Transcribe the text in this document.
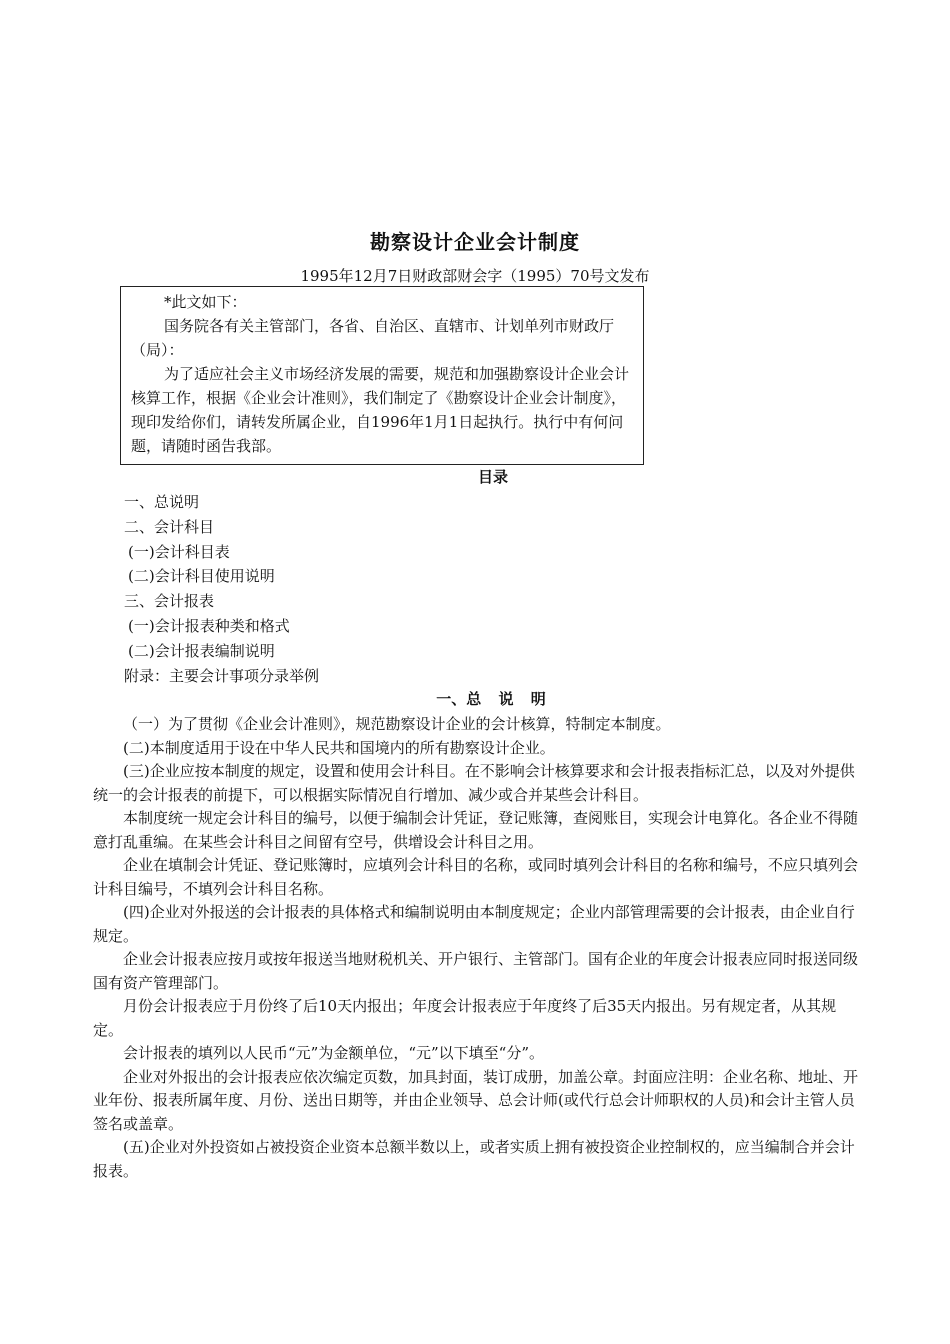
勘察设计企业会计制度
1995年12月7日财政部财会字（1995）70号文发布

*此文如下：

国务院各有关主管部门，各省、自治区、直辖市、计划单列市财政厅（局）：

为了适应社会主义市场经济发展的需要，规范和加强勘察设计企业会计核算工作，根据《企业会计准则》，我们制定了《勘察设计企业会计制度》，现印发给你们，请转发所属企业，自1996年1月1日起执行。执行中有何问题，请随时函告我部。

目录
一、总说明
二、会计科目
(一)会计科目表
(二)会计科目使用说明
三、会计报表
(一)会计报表种类和格式
(二)会计报表编制说明
附录：主要会计事项分录举例
一、总 说 明

（一）为了贯彻《企业会计准则》，规范勘察设计企业的会计核算，特制定本制度。

(二)本制度适用于设在中华人民共和国境内的所有勘察设计企业。

(三)企业应按本制度的规定，设置和使用会计科目。在不影响会计核算要求和会计报表指标汇总，以及对外提供统一的会计报表的前提下，可以根据实际情况自行增加、减少或合并某些会计科目。

本制度统一规定会计科目的编号，以便于编制会计凭证，登记账簿，查阅账目，实现会计电算化。各企业不得随意打乱重编。在某些会计科目之间留有空号，供增设会计科目之用。

企业在填制会计凭证、登记账簿时，应填列会计科目的名称，或同时填列会计科目的名称和编号，不应只填列会计科目编号，不填列会计科目名称。

(四)企业对外报送的会计报表的具体格式和编制说明由本制度规定；企业内部管理需要的会计报表，由企业自行规定。

企业会计报表应按月或按年报送当地财税机关、开户银行、主管部门。国有企业的年度会计报表应同时报送同级国有资产管理部门。

月份会计报表应于月份终了后10天内报出；年度会计报表应于年度终了后35天内报出。另有规定者，从其规定。

会计报表的填列以人民币“元”为金额单位，“元”以下填至“分”。

企业对外报出的会计报表应依次编定页数，加具封面，装订成册，加盖公章。封面应注明：企业名称、地址、开业年份、报表所属年度、月份、送出日期等，并由企业领导、总会计师(或代行总会计师职权的人员)和会计主管人员签名或盖章。

(五)企业对外投资如占被投资企业资本总额半数以上，或者实质上拥有被投资企业控制权的，应当编制合并会计报表。
